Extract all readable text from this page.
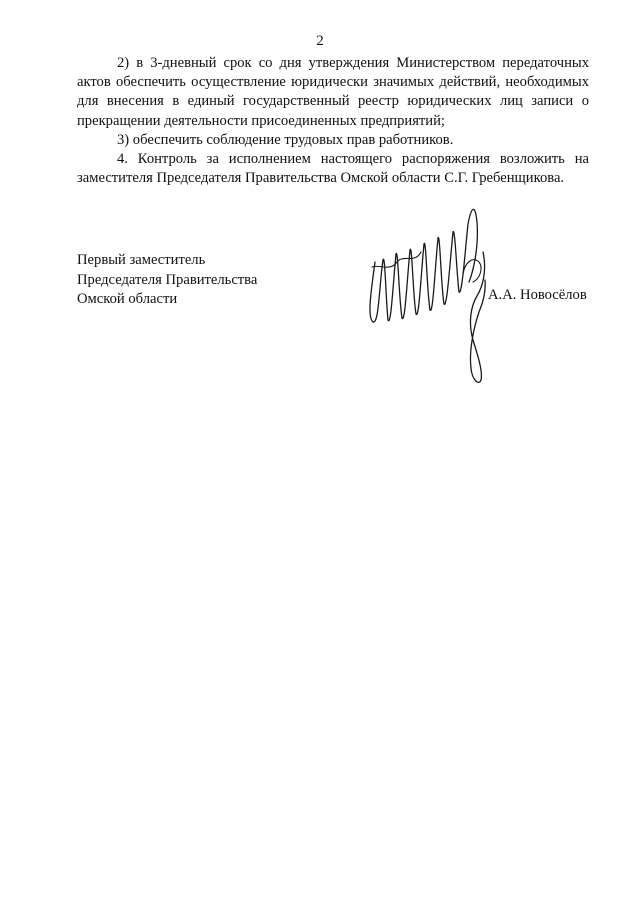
2

2) в 3-дневный срок со дня утверждения Министерством передаточных актов обеспечить осуществление юридически значимых действий, необходимых для внесения в единый государственный реестр юридических лиц записи о прекращении деятельности присоединенных предприятий;

3) обеспечить соблюдение трудовых прав работников.

4. Контроль за исполнением настоящего распоряжения возложить на заместителя Председателя Правительства Омской области С.Г. Гребенщикова.

Первый заместитель
Председателя Правительства
Омской области	А.А. Новосёлов
